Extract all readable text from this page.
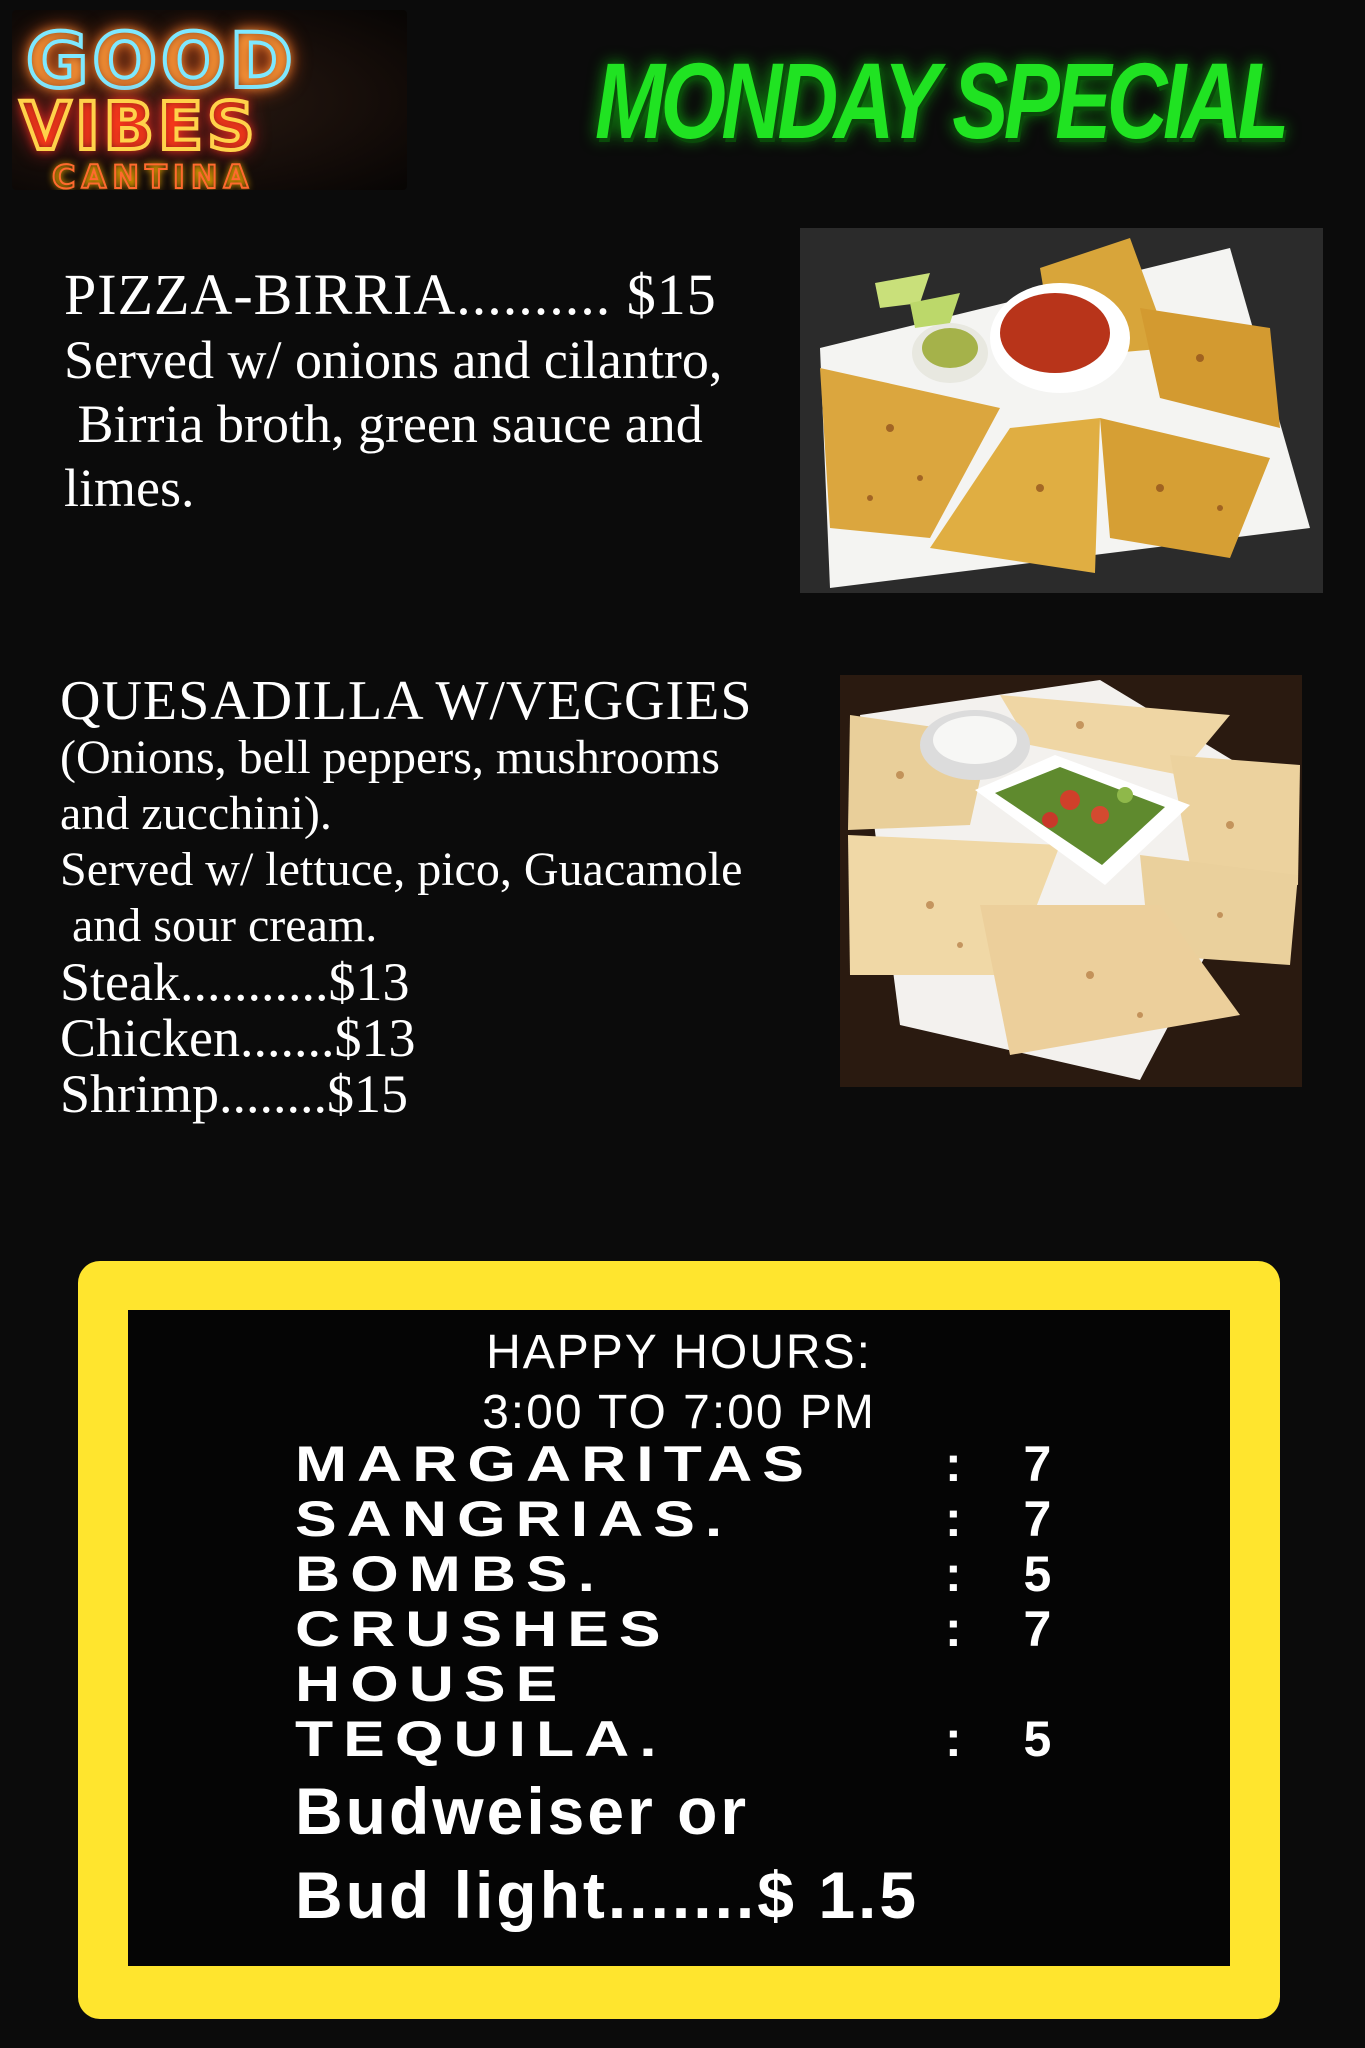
GOOD
VIBES
CANTINA
MONDAY SPECIAL
PIZZA-BIRRIA.......... $15
Served w/ onions and cilantro,
Birria broth, green sauce and
limes.
QUESADILLA W/VEGGIES
(Onions, bell peppers, mushrooms
and zucchini).
Served w/ lettuce, pico, Guacamole
and sour cream.
Steak...........$13
Chicken.......$13
Shrimp........$15
HAPPY HOURS:
3:00 TO 7:00 PM
MARGARITAS	: 7
SANGRIAS.	: 7
BOMBS.	: 5
CRUSHES	: 7
HOUSE
TEQUILA.	: 5
Budweiser or
Bud light.......$ 1.5
